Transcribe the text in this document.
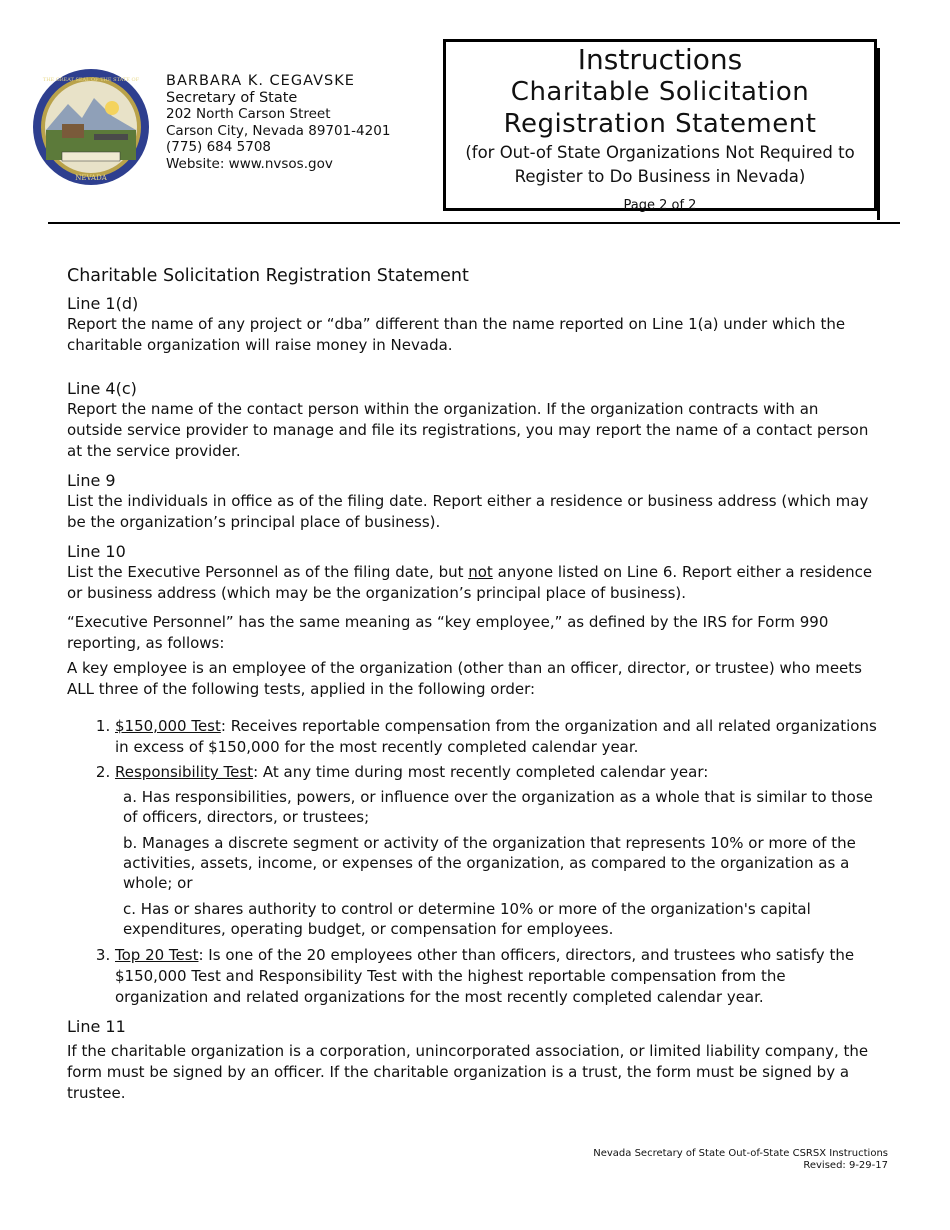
THE GREAT SEAL OF THE STATE OF
NEVADA
BARBARA K. CEGAVSKE
Secretary of State
202 North Carson Street
Carson City, Nevada 89701-4201
(775) 684 5708
Website: www.nvsos.gov
Instructions
Charitable Solicitation
Registration Statement
(for Out-of State Organizations Not Required to
Register to Do Business in Nevada)
Page 2 of 2
Charitable Solicitation Registration Statement
Line 1(d)

Report the name of any project or “dba” different than the name reported on Line 1(a) under which the charitable organization will raise money in Nevada.

Line 4(c)

Report the name of the contact person within the organization. If the organization contracts with an outside service provider to manage and file its registrations, you may report the name of a contact person at the service provider.

Line 9

List the individuals in office as of the filing date. Report either a residence or business address (which may be the organization’s principal place of business).

Line 10

List the Executive Personnel as of the filing date, but not anyone listed on Line 6. Report either a residence or business address (which may be the organization’s principal place of business).

“Executive Personnel” has the same meaning as “key employee,” as defined by the IRS for Form 990 reporting, as follows:

A key employee is an employee of the organization (other than an officer, director, or trustee) who meets ALL three of the following tests, applied in the following order:

1. $150,000 Test: Receives reportable compensation from the organization and all related organizations in excess of $150,000 for the most recently completed calendar year.
2. Responsibility Test: At any time during most recently completed calendar year:

a. Has responsibilities, powers, or influence over the organization as a whole that is similar to those of officers, directors, or trustees;

b. Manages a discrete segment or activity of the organization that represents 10% or more of the activities, assets, income, or expenses of the organization, as compared to the organization as a whole; or

c. Has or shares authority to control or determine 10% or more of the organization's capital expenditures, operating budget, or compensation for employees.

3. Top 20 Test: Is one of the 20 employees other than officers, directors, and trustees who satisfy the $150,000 Test and Responsibility Test with the highest reportable compensation from the organization and related organizations for the most recently completed calendar year.
Line 11

If the charitable organization is a corporation, unincorporated association, or limited liability company, the form must be signed by an officer. If the charitable organization is a trust, the form must be signed by a trustee.

Nevada Secretary of State Out-of-State CSRSX Instructions
Revised: 9-29-17
